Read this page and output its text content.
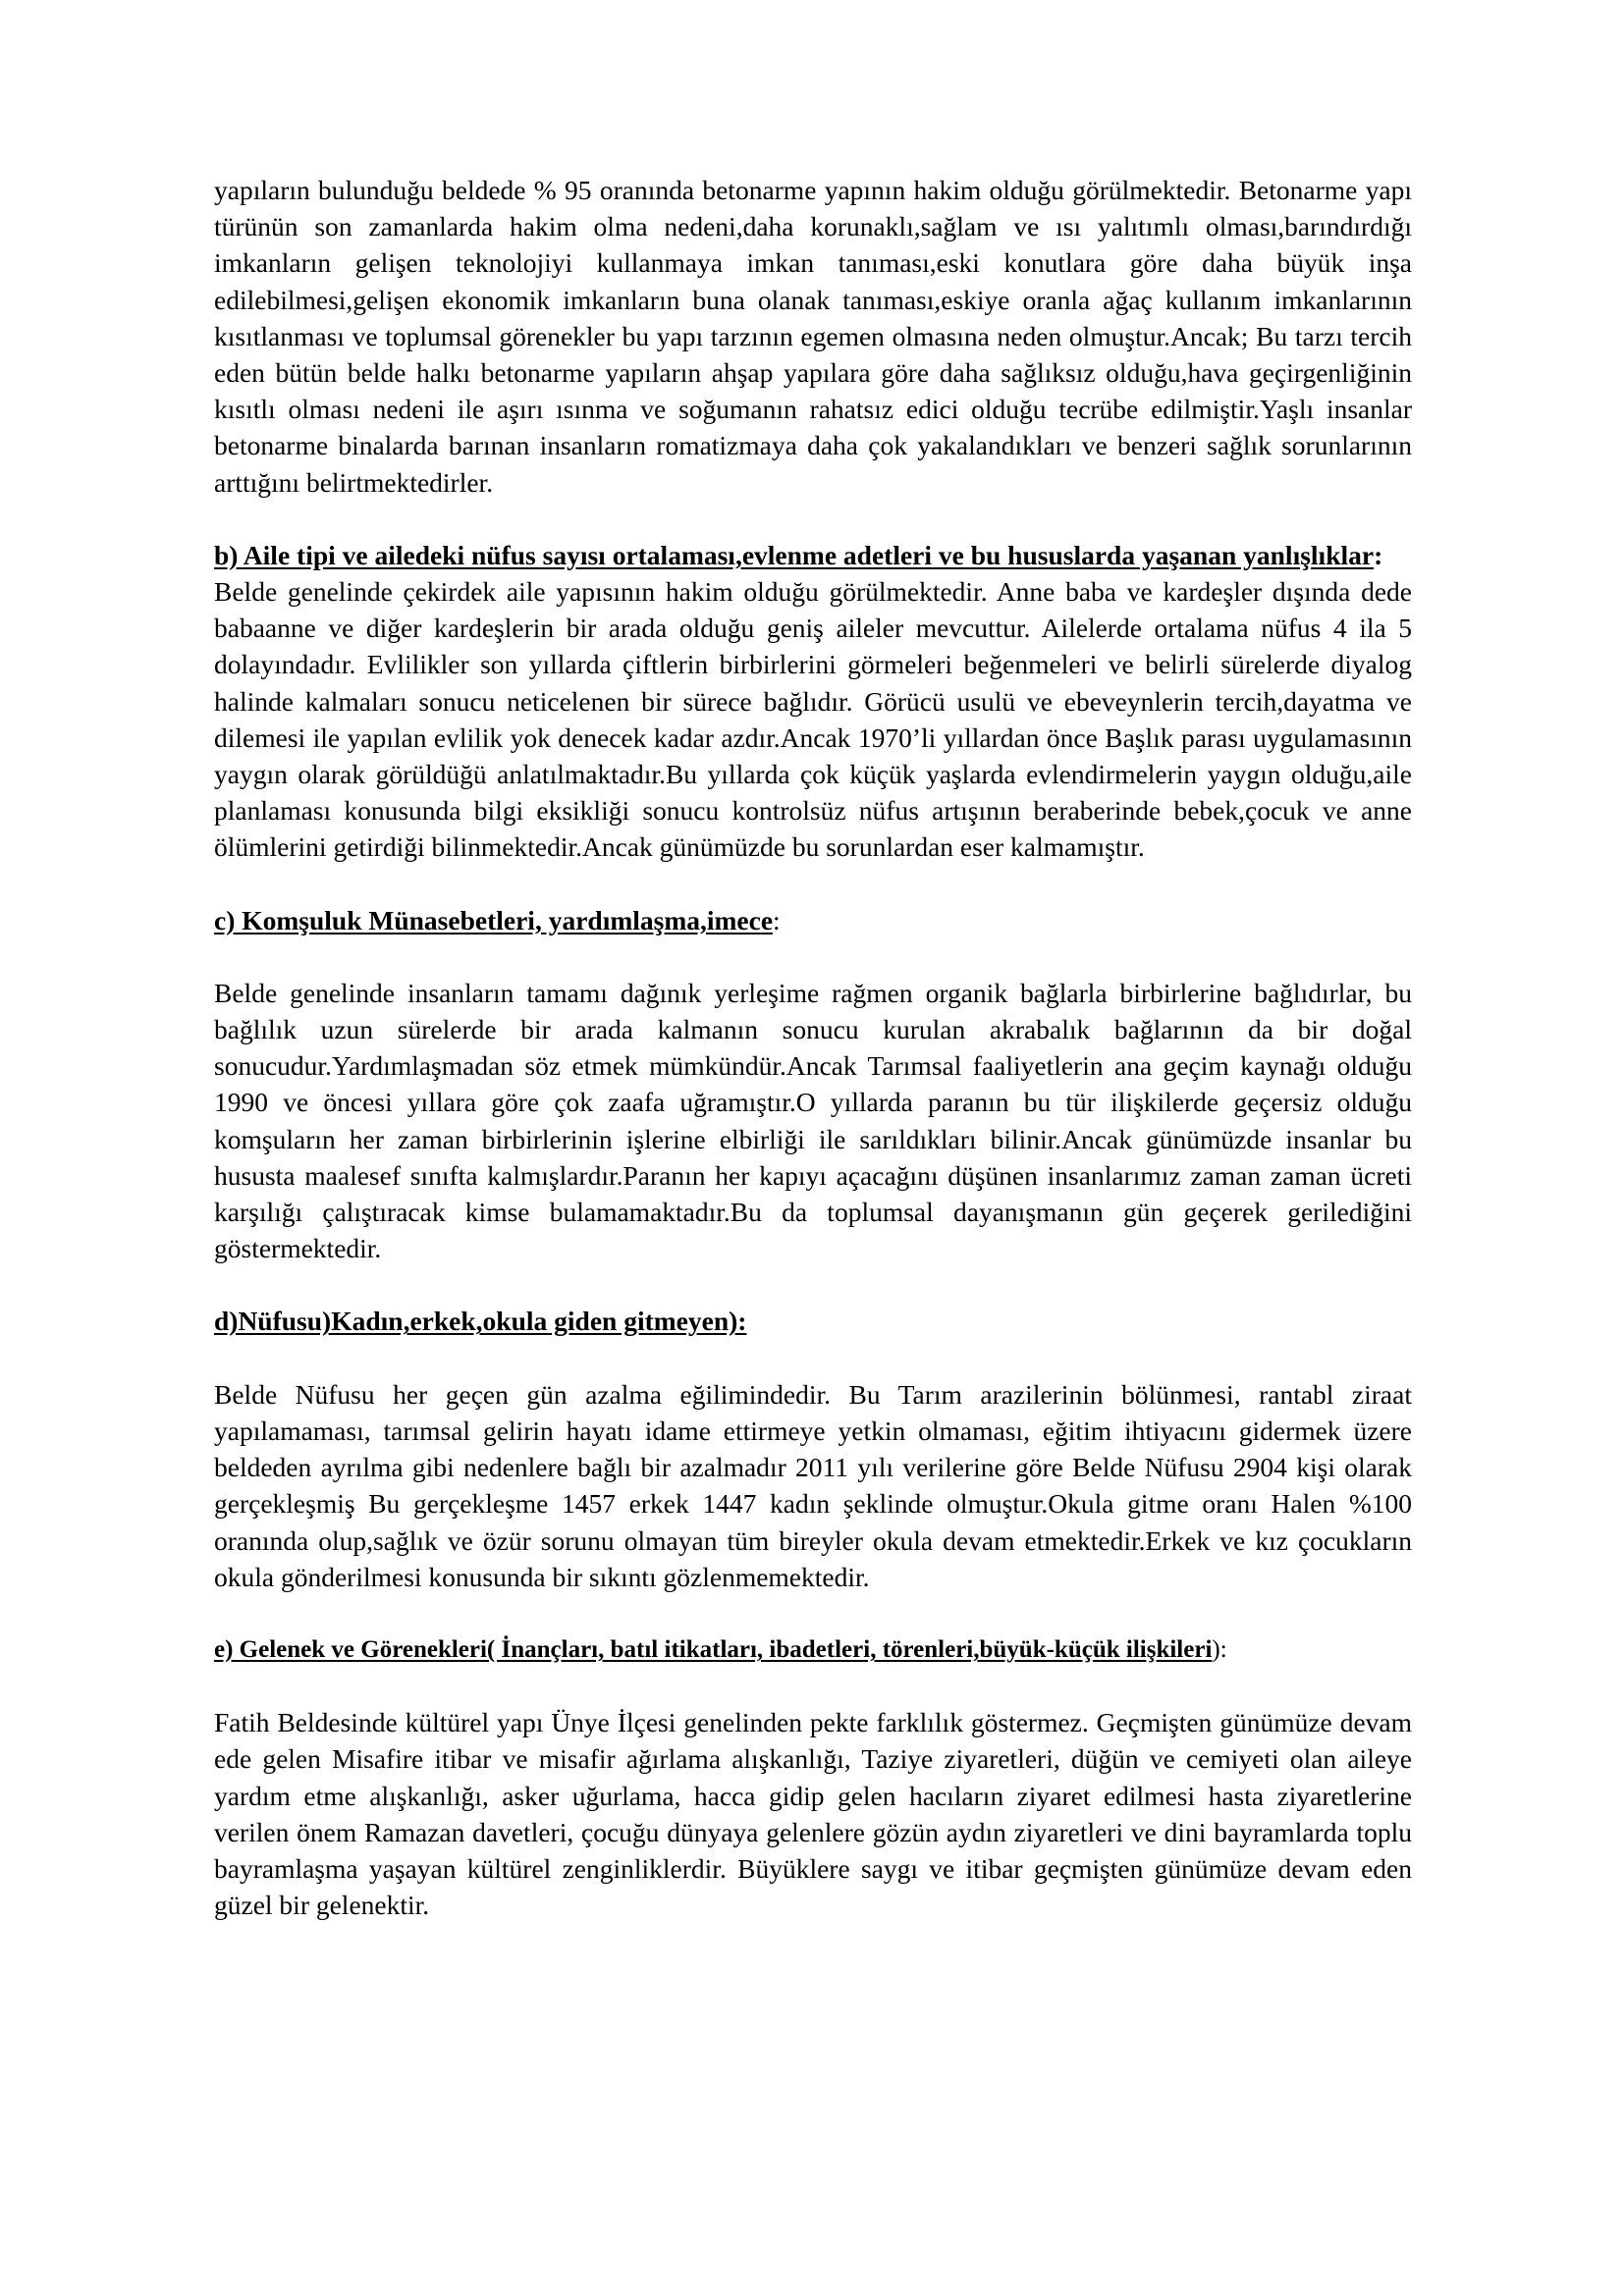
yapıların bulunduğu beldede % 95 oranında betonarme yapının hakim olduğu görülmektedir. Betonarme yapı türünün son zamanlarda hakim olma nedeni,daha korunaklı,sağlam ve ısı yalıtımlı olması,barındırdığı imkanların gelişen teknolojiyi kullanmaya imkan tanıması,eski konutlara göre daha büyük inşa edilebilmesi,gelişen ekonomik imkanların buna olanak tanıması,eskiye oranla ağaç kullanım imkanlarının kısıtlanması ve toplumsal görenekler bu yapı tarzının egemen olmasına neden olmuştur.Ancak; Bu tarzı tercih eden bütün belde halkı betonarme yapıların ahşap yapılara göre daha sağlıksız olduğu,hava geçirgenliğinin kısıtlı olması nedeni ile aşırı ısınma ve soğumanın rahatsız edici olduğu tecrübe edilmiştir.Yaşlı insanlar betonarme binalarda barınan insanların romatizmaya daha çok yakalandıkları ve benzeri sağlık sorunlarının arttığını belirtmektedirler.

b) Aile tipi ve ailedeki nüfus sayısı ortalaması,evlenme adetleri ve bu hususlarda yaşanan yanlışlıklar:

Belde genelinde çekirdek aile yapısının hakim olduğu görülmektedir. Anne baba ve kardeşler dışında dede babaanne ve diğer kardeşlerin bir arada olduğu geniş aileler mevcuttur. Ailelerde ortalama nüfus 4 ila 5 dolayındadır. Evlilikler son yıllarda çiftlerin birbirlerini görmeleri beğenmeleri ve belirli sürelerde diyalog halinde kalmaları sonucu neticelenen bir sürece bağlıdır. Görücü usulü ve ebeveynlerin tercih,dayatma ve dilemesi ile yapılan evlilik yok denecek kadar azdır.Ancak 1970’li yıllardan önce Başlık parası uygulamasının yaygın olarak görüldüğü anlatılmaktadır.Bu yıllarda çok küçük yaşlarda evlendirmelerin yaygın olduğu,aile planlaması konusunda bilgi eksikliği sonucu kontrolsüz nüfus artışının beraberinde bebek,çocuk ve anne ölümlerini getirdiği bilinmektedir.Ancak günümüzde bu sorunlardan eser kalmamıştır.

c) Komşuluk Münasebetleri, yardımlaşma,imece:

Belde genelinde insanların tamamı dağınık yerleşime rağmen organik bağlarla birbirlerine bağlıdırlar, bu bağlılık uzun sürelerde bir arada kalmanın sonucu kurulan akrabalık bağlarının da bir doğal sonucudur.Yardımlaşmadan söz etmek mümkündür.Ancak Tarımsal faaliyetlerin ana geçim kaynağı olduğu 1990 ve öncesi yıllara göre çok zaafa uğramıştır.O yıllarda paranın bu tür ilişkilerde geçersiz olduğu komşuların her zaman birbirlerinin işlerine elbirliği ile sarıldıkları bilinir.Ancak günümüzde insanlar bu hususta maalesef sınıfta kalmışlardır.Paranın her kapıyı açacağını düşünen insanlarımız zaman zaman ücreti karşılığı çalıştıracak kimse bulamamaktadır.Bu da toplumsal dayanışmanın gün geçerek gerilediğini göstermektedir.

d)Nüfusu)Kadın,erkek,okula giden gitmeyen):

Belde Nüfusu her geçen gün azalma eğilimindedir. Bu Tarım arazilerinin bölünmesi, rantabl ziraat yapılamaması, tarımsal gelirin hayatı idame ettirmeye yetkin olmaması, eğitim ihtiyacını gidermek üzere beldeden ayrılma gibi nedenlere bağlı bir azalmadır 2011 yılı verilerine göre Belde Nüfusu 2904 kişi olarak gerçekleşmiş Bu gerçekleşme 1457 erkek 1447 kadın şeklinde olmuştur.Okula gitme oranı Halen %100 oranında olup,sağlık ve özür sorunu olmayan tüm bireyler okula devam etmektedir.Erkek ve kız çocukların okula gönderilmesi konusunda bir sıkıntı gözlenmemektedir.

e) Gelenek ve Görenekleri( İnançları, batıl itikatları, ibadetleri, törenleri,büyük-küçük ilişkileri):

Fatih Beldesinde kültürel yapı Ünye İlçesi genelinden pekte farklılık göstermez. Geçmişten günümüze devam ede gelen Misafire itibar ve misafir ağırlama alışkanlığı, Taziye ziyaretleri, düğün ve cemiyeti olan aileye yardım etme alışkanlığı, asker uğurlama, hacca gidip gelen hacıların ziyaret edilmesi hasta ziyaretlerine verilen önem Ramazan davetleri, çocuğu dünyaya gelenlere gözün aydın ziyaretleri ve dini bayramlarda toplu bayramlaşma yaşayan kültürel zenginliklerdir. Büyüklere saygı ve itibar geçmişten günümüze devam eden güzel bir gelenektir.
